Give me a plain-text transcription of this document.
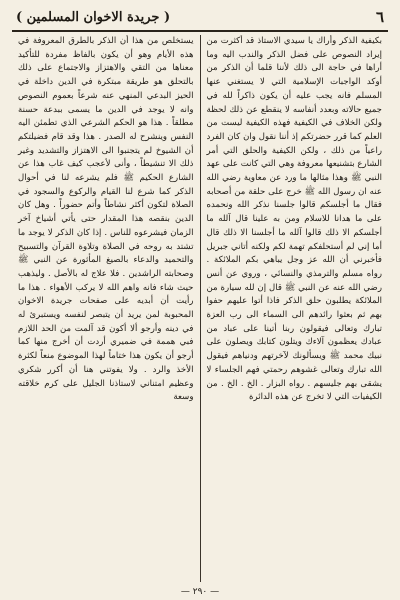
٦
( جريدة الاخوان المسلمين )

بكيفية الذكر وأراك يا سيدي الاستاذ قد أكثرت من إيراد النصوص على فضل الذكر والندب اليه وما أراها في حاجة الى ذلك لأننا قلما أن الذكر من أوكد الواجبات الإسلامية التي لا يستغني عنها المسلم فانه يجب عليه أن يكون ذاكراً لله في جميع حالاته وبعدد أنفاسه لا ينقطع عن ذلك لحظة ولكن الخلاف في الكيفية فهذه الكيفية ليست من العلم كما قرر حضرتكم إذ أننا نقول وان كان الفرد راعياً من ذلك ، ولكن الكيفية والحلق التي أمر الشارع بتشنيعها معروفة وهي التي كانت على عهد النبي ﷺ وهذا مثالها ما ورد عن معاوية رضي الله عنه ان رسول الله ﷺ خرج على حلقة من أصحابه فقال ما أجلسكم قالوا جلسنا نذكر الله ونحمده على ما هدانا للاسلام ومن به علينا قال آلله ما أجلسكم الا ذلك قالوا آلله ما أجلسنا الا ذلك قال أما إني لم أستحلفكم تهمة لكم ولكنه أتاني جبريل فأخبرني أن الله عز وجل يباهي بكم الملائكة . رواه مسلم والترمذي والنسائي ، وروي عن أنس رضي الله عنه عن النبي ﷺ قال إن لله سيارة من الملائكة يطلبون حلق الذكر فاذا أتوا عليهم حفوا بهم ثم بعثوا رائدهم الى السماء الى رب العزة تبارك وتعالى فيقولون ربنا أتينا على عباد من عبادك يعظمون آلاءك ويتلون كتابك ويصلون على نبيك محمد ﷺ ويسألونك لآخرتهم ودنياهم فيقول الله تبارك وتعالى غشوهم رحمتي فهم الجلساء لا يشقى بهم جليسهم . رواه البزار . الخ . الخ . من الكيفيات التي لا تخرج عن هذه الدائرة

يستخلص من هذا أن الذكر بالطرق المعروفة في هذه الأيام وهو أن يكون بالفاظ مفردة للتأكيد معناها من التقي والاهتزاز والاجتماع على ذلك بالتحلق هو طريقة مبتكرة في الدين داخلة في الحيز البدعي المنهي عنه شرعاً بعموم النصوص وانه لا يوجد في الدين ما يسمى ببدعة حسنة مطلقاً . هذا هو الحكم الشرعي الذي تطمئن اليه النفس وينشرح له الصدر . هذا وقد قام فضيلتكم أن الشيوخ لم يتجنبوا الى الاهتزاز والتشديد وغير ذلك الا تنشيطاً ، وأنى لأعجب كيف غاب هذا عن الشارع الحكيم ﷺ فلم يشرعه لنا في أحوال الذكر كما شرع لنا القيام والركوع والسجود في الصلاة لتكون أكثر نشاطاً وأتم حضوراً . وهل كان الدين بنقصه هذا المقدار حتى يأتي أشياخ آخر الزمان فيشرعوه للناس . إذا كان الذكر لا يوجد ما تشتد به روحه في الصلاة وتلاوة القرآن والتسبيح والتحميد والدعاء بالصيغ المأثورة عن النبي ﷺ وصحابته الراشدين . فلا علاج له بالأصل . وليذهب حيث شاء فانه واهم الله لا يركب الأهواء . هذا ما رأيت أن أبديه على صفحات جريدة الاخوان المحبوبة لمن يريد أن يتبصر لنفسه ويستبرئ له في دينه وأرجو ألا أكون قد آلمت من الحد اللازم فبي هممة في ضميري أردت أن أخرج منها كما أرجو أن يكون هذا ختاماً لهذا الموضوع منعاً لكثرة الأخذ والرد . ولا يفوتني هنا أن أكرر شكري وعظيم امتناني لاستاذنا الجليل على كرم خلاقته وسعة

— ٢٩٠ —
